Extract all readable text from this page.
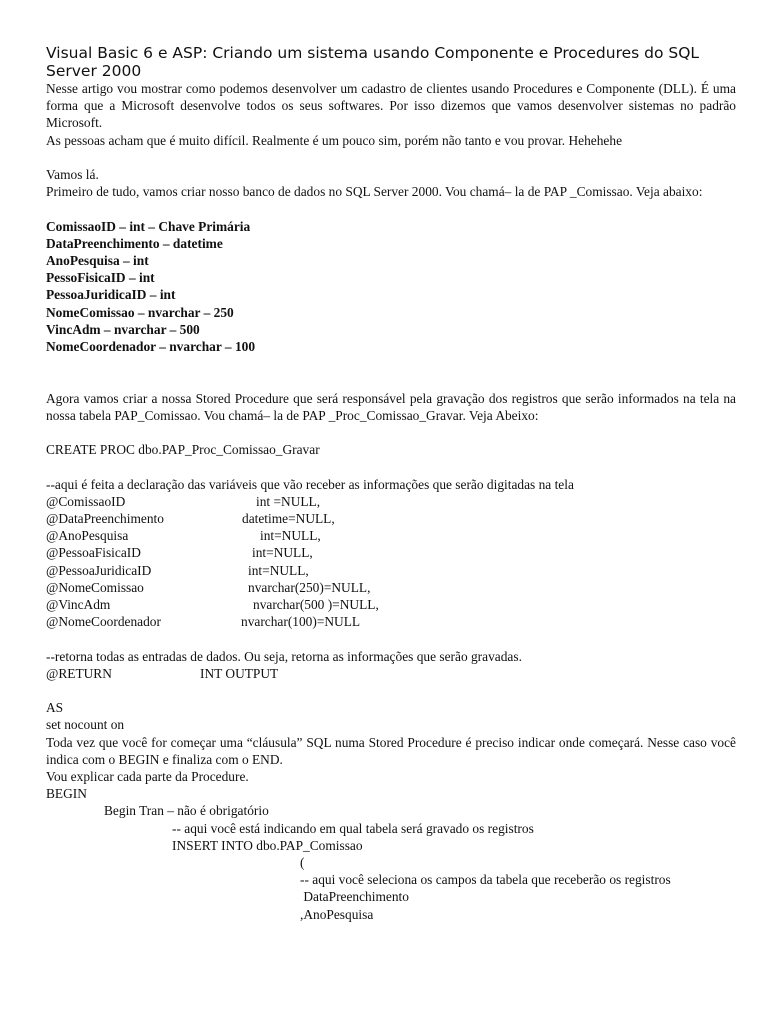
Visual Basic 6 e ASP: Criando um sistema usando Componente e Procedures do SQL Server 2000

Nesse artigo vou mostrar como podemos desenvolver um cadastro de clientes usando Procedures e Componente (DLL). É uma forma que a Microsoft desenvolve todos os seus softwares. Por isso dizemos que vamos desenvolver sistemas no padrão Microsoft.

As pessoas acham que é muito difícil. Realmente é um pouco sim, porém não tanto e vou provar. Hehehehe

Vamos lá.

Primeiro de tudo, vamos criar nosso banco de dados no SQL Server 2000. Vou chamá– la de PAP _Comissao. Veja abaixo:

ComissaoID – int – Chave Primária

DataPreenchimento – datetime

AnoPesquisa – int

PessoFisicaID – int

PessoaJuridicaID – int

NomeComissao – nvarchar – 250

VincAdm – nvarchar – 500

NomeCoordenador – nvarchar – 100

Agora vamos criar a nossa Stored Procedure que será responsável pela gravação dos registros que serão informados na tela na nossa tabela PAP_Comissao. Vou chamá– la de PAP _Proc_Comissao_Gravar. Veja Abeixo:

CREATE PROC dbo.PAP_Proc_Comissao_Gravar

--aqui é feita a declaração das variáveis que vão receber as informações que serão digitadas na tela

@ComissaoID	int =NULL,
@DataPreenchimento	datetime=NULL,
@AnoPesquisa	int=NULL,
@PessoaFisicaID	int=NULL,
@PessoaJuridicaID	int=NULL,
@NomeComissao	nvarchar(250)=NULL,
@VincAdm	nvarchar(500 )=NULL,
@NomeCoordenador	nvarchar(100)=NULL

--retorna todas as entradas de dados. Ou seja, retorna as informações que serão gravadas.

@RETURN	INT OUTPUT

AS

set nocount on

Toda vez que você for começar uma “cláusula” SQL numa Stored Procedure é preciso indicar onde começará. Nesse caso você indica com o BEGIN e finaliza com o END.

Vou explicar cada parte da Procedure.

BEGIN

Begin Tran – não é obrigatório

-- aqui você está indicando em qual tabela será gravado os registros

INSERT INTO dbo.PAP_Comissao

(

-- aqui você seleciona os campos da tabela que receberão os registros

DataPreenchimento

,AnoPesquisa
